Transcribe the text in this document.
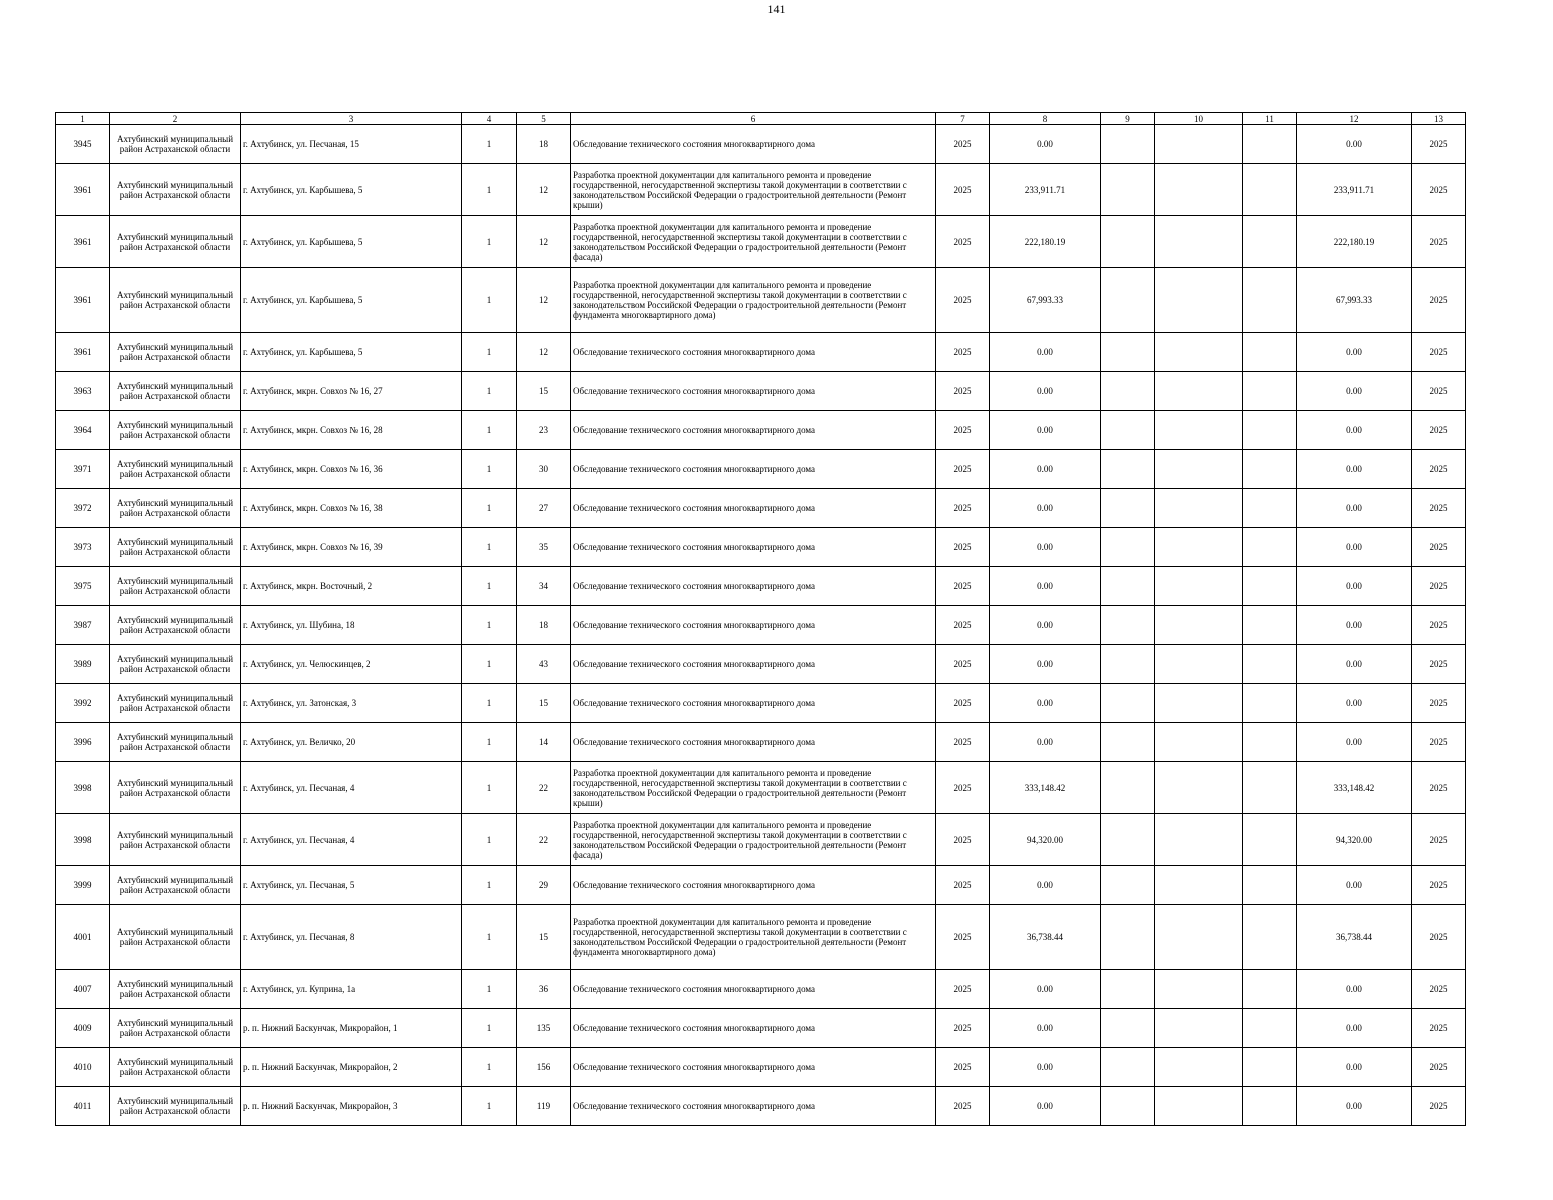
141
1	2	3	4	5	6	7	8	9	10	11	12	13
3945	Ахтубинский муниципальный район Астраханской области	г. Ахтубинск, ул. Песчаная, 15	1	18	Обследование технического состояния многоквартирного дома	2025	0.00				0.00	2025
3961	Ахтубинский муниципальный район Астраханской области	г. Ахтубинск, ул. Карбышева, 5	1	12	Разработка проектной документации для капитального ремонта и проведение государственной, негосударственной экспертизы такой документации в соответствии с законодательством Российской Федерации о градостроительной деятельности (Ремонт крыши)	2025	233,911.71				233,911.71	2025
3961	Ахтубинский муниципальный район Астраханской области	г. Ахтубинск, ул. Карбышева, 5	1	12	Разработка проектной документации для капитального ремонта и проведение государственной, негосударственной экспертизы такой документации в соответствии с законодательством Российской Федерации о градостроительной деятельности (Ремонт фасада)	2025	222,180.19				222,180.19	2025
3961	Ахтубинский муниципальный район Астраханской области	г. Ахтубинск, ул. Карбышева, 5	1	12	Разработка проектной документации для капитального ремонта и проведение государственной, негосударственной экспертизы такой документации в соответствии с законодательством Российской Федерации о градостроительной деятельности (Ремонт фундамента многоквартирного дома)	2025	67,993.33				67,993.33	2025
3961	Ахтубинский муниципальный район Астраханской области	г. Ахтубинск, ул. Карбышева, 5	1	12	Обследование технического состояния многоквартирного дома	2025	0.00				0.00	2025
3963	Ахтубинский муниципальный район Астраханской области	г. Ахтубинск, мкрн. Совхоз № 16, 27	1	15	Обследование технического состояния многоквартирного дома	2025	0.00				0.00	2025
3964	Ахтубинский муниципальный район Астраханской области	г. Ахтубинск, мкрн. Совхоз № 16, 28	1	23	Обследование технического состояния многоквартирного дома	2025	0.00				0.00	2025
3971	Ахтубинский муниципальный район Астраханской области	г. Ахтубинск, мкрн. Совхоз № 16, 36	1	30	Обследование технического состояния многоквартирного дома	2025	0.00				0.00	2025
3972	Ахтубинский муниципальный район Астраханской области	г. Ахтубинск, мкрн. Совхоз № 16, 38	1	27	Обследование технического состояния многоквартирного дома	2025	0.00				0.00	2025
3973	Ахтубинский муниципальный район Астраханской области	г. Ахтубинск, мкрн. Совхоз № 16, 39	1	35	Обследование технического состояния многоквартирного дома	2025	0.00				0.00	2025
3975	Ахтубинский муниципальный район Астраханской области	г. Ахтубинск, мкрн. Восточный, 2	1	34	Обследование технического состояния многоквартирного дома	2025	0.00				0.00	2025
3987	Ахтубинский муниципальный район Астраханской области	г. Ахтубинск, ул. Шубина, 18	1	18	Обследование технического состояния многоквартирного дома	2025	0.00				0.00	2025
3989	Ахтубинский муниципальный район Астраханской области	г. Ахтубинск, ул. Челюскинцев, 2	1	43	Обследование технического состояния многоквартирного дома	2025	0.00				0.00	2025
3992	Ахтубинский муниципальный район Астраханской области	г. Ахтубинск, ул. Затонская, 3	1	15	Обследование технического состояния многоквартирного дома	2025	0.00				0.00	2025
3996	Ахтубинский муниципальный район Астраханской области	г. Ахтубинск, ул. Величко, 20	1	14	Обследование технического состояния многоквартирного дома	2025	0.00				0.00	2025
3998	Ахтубинский муниципальный район Астраханской области	г. Ахтубинск, ул. Песчаная, 4	1	22	Разработка проектной документации для капитального ремонта и проведение государственной, негосударственной экспертизы такой документации в соответствии с законодательством Российской Федерации о градостроительной деятельности (Ремонт крыши)	2025	333,148.42				333,148.42	2025
3998	Ахтубинский муниципальный район Астраханской области	г. Ахтубинск, ул. Песчаная, 4	1	22	Разработка проектной документации для капитального ремонта и проведение государственной, негосударственной экспертизы такой документации в соответствии с законодательством Российской Федерации о градостроительной деятельности (Ремонт фасада)	2025	94,320.00				94,320.00	2025
3999	Ахтубинский муниципальный район Астраханской области	г. Ахтубинск, ул. Песчаная, 5	1	29	Обследование технического состояния многоквартирного дома	2025	0.00				0.00	2025
4001	Ахтубинский муниципальный район Астраханской области	г. Ахтубинск, ул. Песчаная, 8	1	15	Разработка проектной документации для капитального ремонта и проведение государственной, негосударственной экспертизы такой документации в соответствии с законодательством Российской Федерации о градостроительной деятельности (Ремонт фундамента многоквартирного дома)	2025	36,738.44				36,738.44	2025
4007	Ахтубинский муниципальный район Астраханской области	г. Ахтубинск, ул. Куприна, 1а	1	36	Обследование технического состояния многоквартирного дома	2025	0.00				0.00	2025
4009	Ахтубинский муниципальный район Астраханской области	р. п. Нижний Баскунчак, Микрорайон, 1	1	135	Обследование технического состояния многоквартирного дома	2025	0.00				0.00	2025
4010	Ахтубинский муниципальный район Астраханской области	р. п. Нижний Баскунчак, Микрорайон, 2	1	156	Обследование технического состояния многоквартирного дома	2025	0.00				0.00	2025
4011	Ахтубинский муниципальный район Астраханской области	р. п. Нижний Баскунчак, Микрорайон, 3	1	119	Обследование технического состояния многоквартирного дома	2025	0.00				0.00	2025
